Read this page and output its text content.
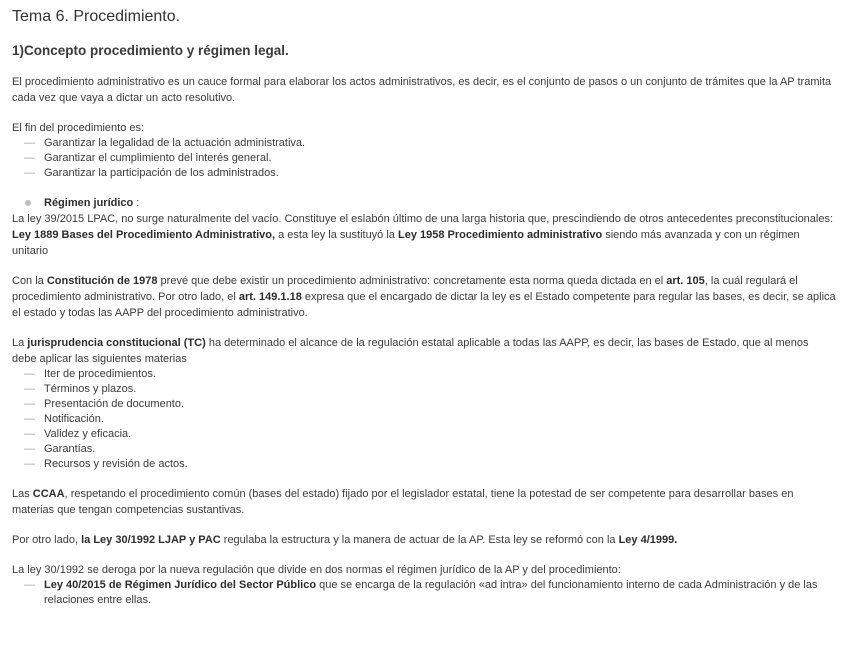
Tema 6. Procedimiento.
1)Concepto procedimiento y régimen legal.

El procedimiento administrativo es un cauce formal para elaborar los actos administrativos, es decir, es el conjunto de pasos o un conjunto de trámites que la AP tramita cada vez que vaya a dictar un acto resolutivo.

El fin del procedimiento es:

— Garantizar la legalidad de la actuación administrativa.
— Garantizar el cumplimiento del interés general.
— Garantizar la participación de los administrados.
Régimen jurídico :

La ley 39/2015 LPAC, no surge naturalmente del vacío. Constituye el eslabón último de una larga historia que, prescindiendo de otros antecedentes preconstitucionales:

Ley 1889 Bases del Procedimiento Administrativo, a esta ley la sustituyó la Ley 1958 Procedimiento administrativo siendo más avanzada y con un régimen unitario

Con la Constitución de 1978 prevé que debe existir un procedimiento administrativo: concretamente esta norma queda dictada en el art. 105, la cuál regulará el procedimiento administrativo. Por otro lado, el art. 149.1.18 expresa que el encargado de dictar la ley es el Estado competente para regular las bases, es decir, se aplica el estado y todas las AAPP del procedimiento administrativo.

La jurisprudencia constitucional (TC) ha determinado el alcance de la regulación estatal aplicable a todas las AAPP, es decir, las bases de Estado, que al menos debe aplicar las siguientes materias

— Iter de procedimientos.
— Términos y plazos.
— Presentación de documento.
— Notificación.
— Validez y eficacia.
— Garantías.
— Recursos y revisión de actos.

Las CCAA, respetando el procedimiento común (bases del estado) fijado por el legislador estatal, tiene la potestad de ser competente para desarrollar bases en materias que tengan competencias sustantivas.

Por otro lado, la Ley 30/1992 LJAP y PAC regulaba la estructura y la manera de actuar de la AP. Esta ley se reformó con la Ley 4/1999.

La ley 30/1992 se deroga por la nueva regulación que divide en dos normas el régimen jurídico de la AP y del procedimiento:

— Ley 40/2015 de Régimen Jurídico del Sector Público que se encarga de la regulación «ad intra» del funcionamiento interno de cada Administración y de las relaciones entre ellas.
